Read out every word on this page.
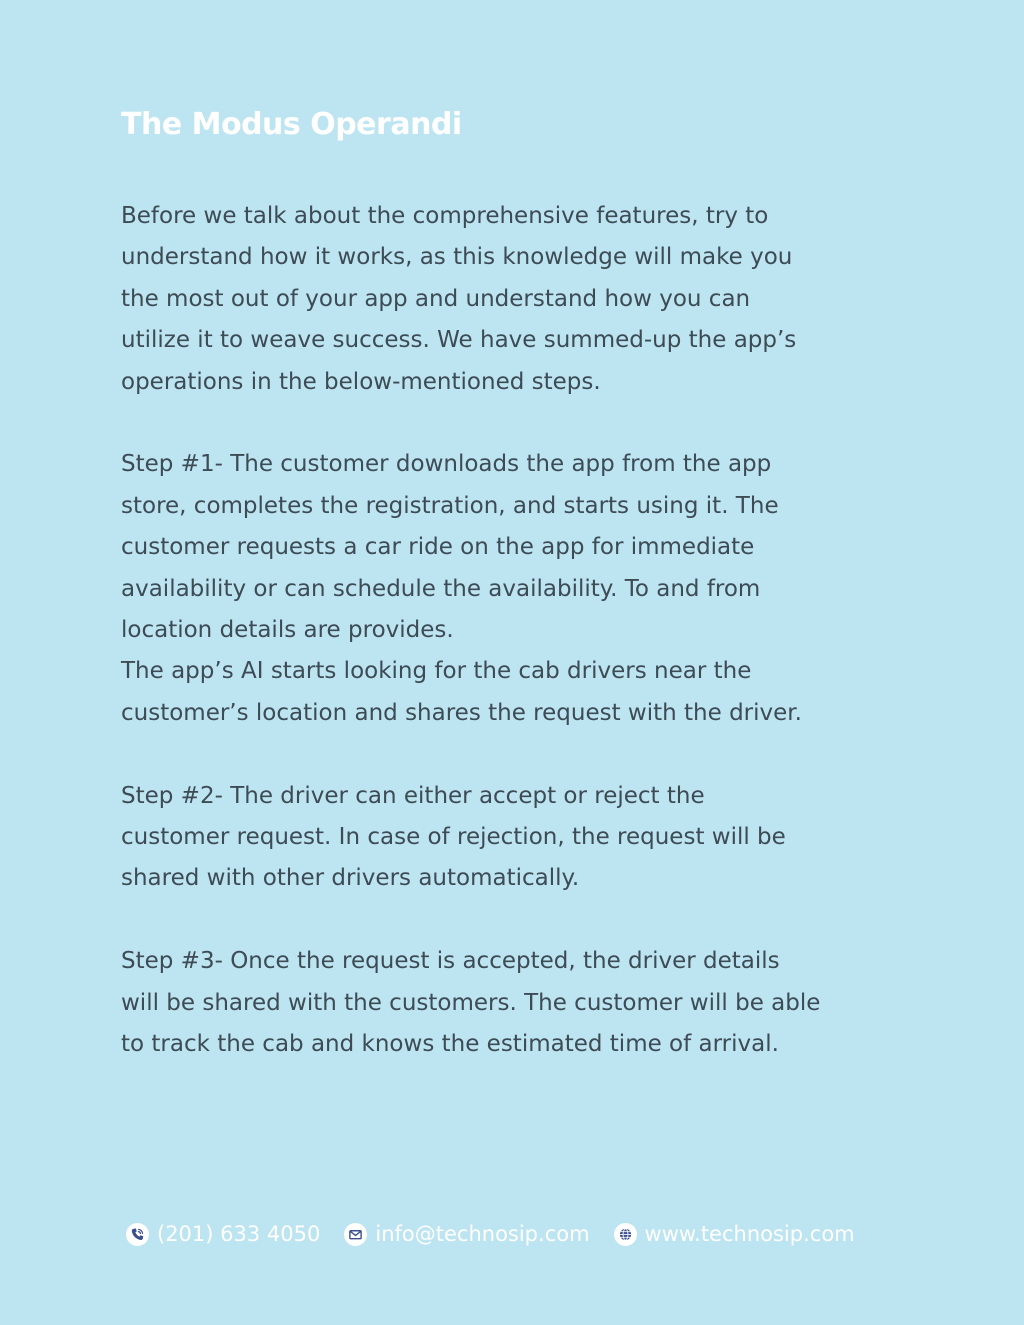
The Modus Operandi
Before we talk about the comprehensive features, try to
understand how it works, as this knowledge will make you
the most out of your app and understand how you can
utilize it to weave success. We have summed-up the app’s
operations in the below-mentioned steps.
Step #1- The customer downloads the app from the app
store, completes the registration, and starts using it. The
customer requests a car ride on the app for immediate
availability or can schedule the availability. To and from
location details are provides.
The app’s AI starts looking for the cab drivers near the
customer’s location and shares the request with the driver.
Step #2- The driver can either accept or reject the
customer request. In case of rejection, the request will be
shared with other drivers automatically.
Step #3- Once the request is accepted, the driver details
will be shared with the customers. The customer will be able
to track the cab and knows the estimated time of arrival.
(201) 633 4050	info@technosip.com	www.technosip.com
